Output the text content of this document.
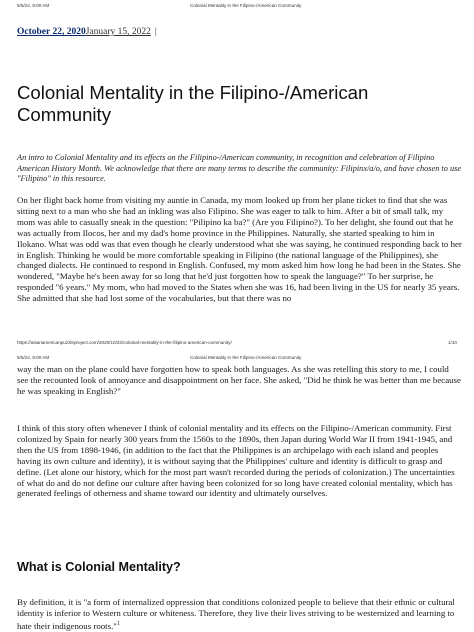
5/5/22, 8:00 AM	Colonial Mentality in the Filipino-/American Community
October 22, 2020January 15, 2022 |
Colonial Mentality in the Filipino-/American Community

An intro to Colonial Mentality and its effects on the Filipino-/American community, in recognition and celebration of Filipino American History Month. We acknowledge that there are many terms to describe the community: Filipinx/a/o, and have chosen to use "Filipino" in this resource.

On her flight back home from visiting my auntie in Canada, my mom looked up from her plane ticket to find that she was sitting next to a man who she had an inkling was also Filipino. She was eager to talk to him. After a bit of small talk, my mom was able to casually sneak in the question: "Pilipino ka ba?" (Are you Filipino?). To her delight, she found out that he was actually from Ilocos, her and my dad's home province in the Philippines. Naturally, she started speaking to him in Ilokano. What was odd was that even though he clearly understood what she was saying, he continued responding back to her in English. Thinking he would be more comfortable speaking in Filipino (the national language of the Philippines), she changed dialects. He continued to respond in English. Confused, my mom asked him how long he had been in the States. She wondered, "Maybe he's been away for so long that he'd just forgotten how to speak the language?" To her surprise, he responded "6 years." My mom, who had moved to the States when she was 16, had been living in the US for nearly 35 years. She admitted that she had lost some of the vocabularies, but that there was no

https://asianamericanpuzzleproject.com/2020/10/22/colonial-mentality-in-the-filipino-american-community/	1/10
5/5/22, 8:00 AM	Colonial Mentality in the Filipino-/American Community

way the man on the plane could have forgotten how to speak both languages. As she was retelling this story to me, I could see the recounted look of annoyance and disappointment on her face. She asked, "Did he think he was better than me because he was speaking in English?"

I think of this story often whenever I think of colonial mentality and its effects on the Filipino-/American community. First colonized by Spain for nearly 300 years from the 1560s to the 1890s, then Japan during World War II from 1941-1945, and then the US from 1898-1946, (in addition to the fact that the Philippines is an archipelago with each island and peoples having its own culture and identity), it is without saying that the Philippines' culture and identity is difficult to grasp and define. (Let alone our history, which for the most part wasn't recorded during the periods of colonization.) The uncertainties of what do and do not define our culture after having been colonized for so long have created colonial mentality, which has generated feelings of otherness and shame toward our identity and ultimately ourselves.

What is Colonial Mentality?

By definition, it is "a form of internalized oppression that conditions colonized people to believe that their ethnic or cultural identity is inferior to Western culture or whiteness. Therefore, they live their lives striving to be westernized and learning to hate their indigenous roots."$^1$
